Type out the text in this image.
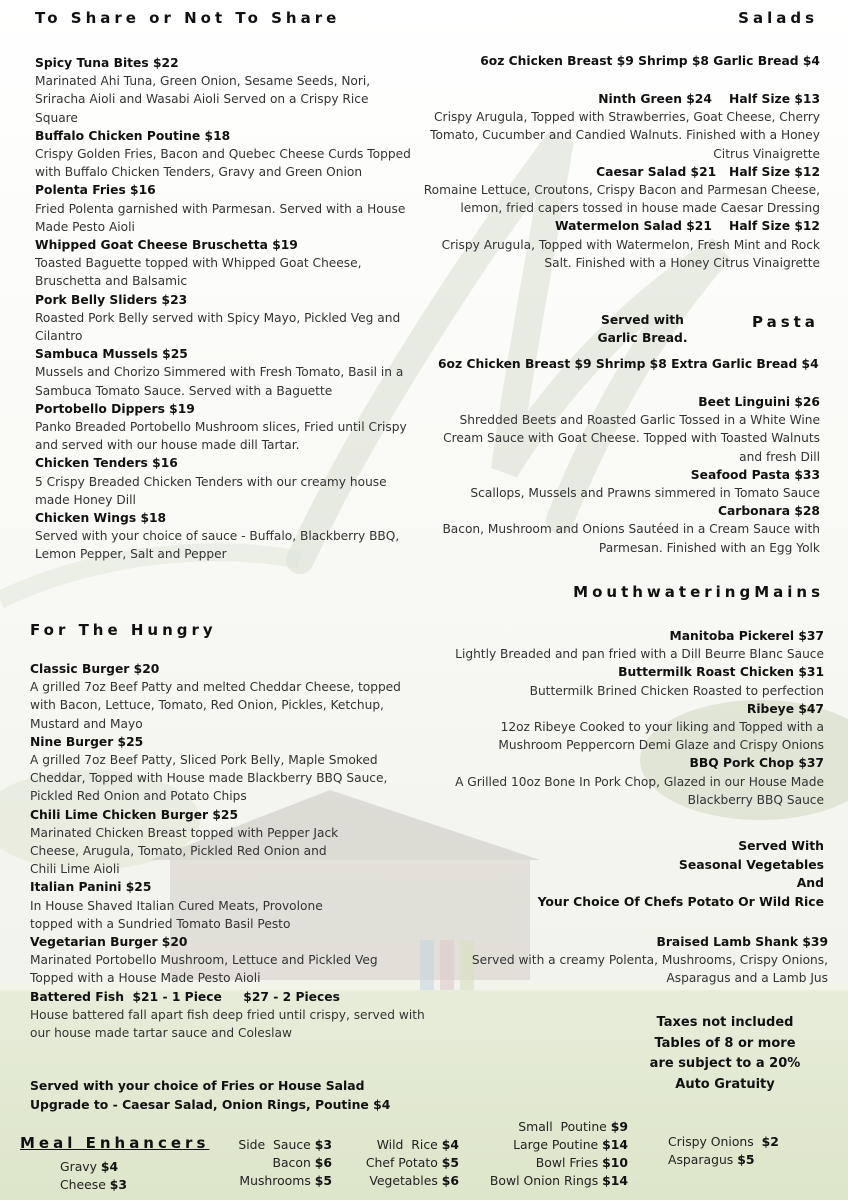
To Share or Not To Share
Spicy Tuna Bites $22
Marinated Ahi Tuna, Green Onion, Sesame Seeds, Nori, Sriracha Aioli and Wasabi Aioli Served on a Crispy Rice Square
Buffalo Chicken Poutine $18
Crispy Golden Fries, Bacon and Quebec Cheese Curds Topped with Buffalo Chicken Tenders, Gravy and Green Onion
Polenta Fries $16
Fried Polenta garnished with Parmesan. Served with a House Made Pesto Aioli
Whipped Goat Cheese Bruschetta $19
Toasted Baguette topped with Whipped Goat Cheese, Bruschetta and Balsamic
Pork Belly Sliders $23
Roasted Pork Belly served with Spicy Mayo, Pickled Veg and Cilantro
Sambuca Mussels $25
Mussels and Chorizo Simmered with Fresh Tomato, Basil in a Sambuca Tomato Sauce. Served with a Baguette
Portobello Dippers $19
Panko Breaded Portobello Mushroom slices, Fried until Crispy and served with our house made dill Tartar.
Chicken Tenders $16
5 Crispy Breaded Chicken Tenders with our creamy house made Honey Dill
Chicken Wings $18
Served with your choice of sauce - Buffalo, Blackberry BBQ, Lemon Pepper, Salt and Pepper
For The Hungry
Classic Burger $20
A grilled 7oz Beef Patty and melted Cheddar Cheese, topped with Bacon, Lettuce, Tomato, Red Onion, Pickles, Ketchup, Mustard and Mayo
Nine Burger $25
A grilled 7oz Beef Patty, Sliced Pork Belly, Maple Smoked Cheddar, Topped with House made Blackberry BBQ Sauce, Pickled Red Onion and Potato Chips
Chili Lime Chicken Burger $25
Marinated Chicken Breast topped with Pepper Jack Cheese, Arugula, Tomato, Pickled Red Onion and Chili Lime Aioli
Italian Panini $25
In House Shaved Italian Cured Meats, Provolone topped with a Sundried Tomato Basil Pesto
Vegetarian Burger $20
Marinated Portobello Mushroom, Lettuce and Pickled Veg Topped with a House Made Pesto Aioli
Battered Fish  $21 - 1 Piece     $27 - 2 Pieces
House battered fall apart fish deep fried until crispy, served with our house made tartar sauce and Coleslaw
Served with your choice of Fries or House Salad
Upgrade to - Caesar Salad, Onion Rings, Poutine $4
Salads
6oz Chicken Breast $9 Shrimp $8 Garlic Bread $4
Ninth Green $24    Half Size $13
Crispy Arugula, Topped with Strawberries, Goat Cheese, Cherry Tomato, Cucumber and Candied Walnuts. Finished with a Honey Citrus Vinaigrette
Caesar Salad $21   Half Size $12
Romaine Lettuce, Croutons, Crispy Bacon and Parmesan Cheese, lemon, fried capers tossed in house made Caesar Dressing
Watermelon Salad $21    Half Size $12
Crispy Arugula, Topped with Watermelon, Fresh Mint and Rock Salt. Finished with a Honey Citrus Vinaigrette
Served with
Garlic Bread.
Pasta
6oz Chicken Breast $9 Shrimp $8 Extra Garlic Bread $4
Beet Linguini $26
Shredded Beets and Roasted Garlic Tossed in a White Wine Cream Sauce with Goat Cheese. Topped with Toasted Walnuts and fresh Dill
Seafood Pasta $33
Scallops, Mussels and Prawns simmered in Tomato Sauce
Carbonara $28
Bacon, Mushroom and Onions Sautéed in a Cream Sauce with Parmesan. Finished with an Egg Yolk
MouthwateringMains
Manitoba Pickerel $37
Lightly Breaded and pan fried with a Dill Beurre Blanc Sauce
Buttermilk Roast Chicken $31
Buttermilk Brined Chicken Roasted to perfection
Ribeye $47
12oz Ribeye Cooked to your liking and Topped with a Mushroom Peppercorn Demi Glaze and Crispy Onions
BBQ Pork Chop $37
A Grilled 10oz Bone In Pork Chop, Glazed in our House Made Blackberry BBQ Sauce
Served With
Seasonal Vegetables
And
Your Choice Of Chefs Potato Or Wild Rice
Braised Lamb Shank $39
Served with a creamy Polenta, Mushrooms, Crispy Onions, Asparagus and a Lamb Jus
Taxes not included
Tables of 8 or more
are subject to a 20%
Auto Gratuity
Meal Enhancers
Gravy $4
Cheese $3
Side  Sauce $3
Bacon $6
Mushrooms $5
Wild  Rice $4
Chef Potato $5
Vegetables $6
Small  Poutine $9
Large Poutine $14
Bowl Fries $10
Bowl Onion Rings $14
Crispy Onions  $2
Asparagus $5
